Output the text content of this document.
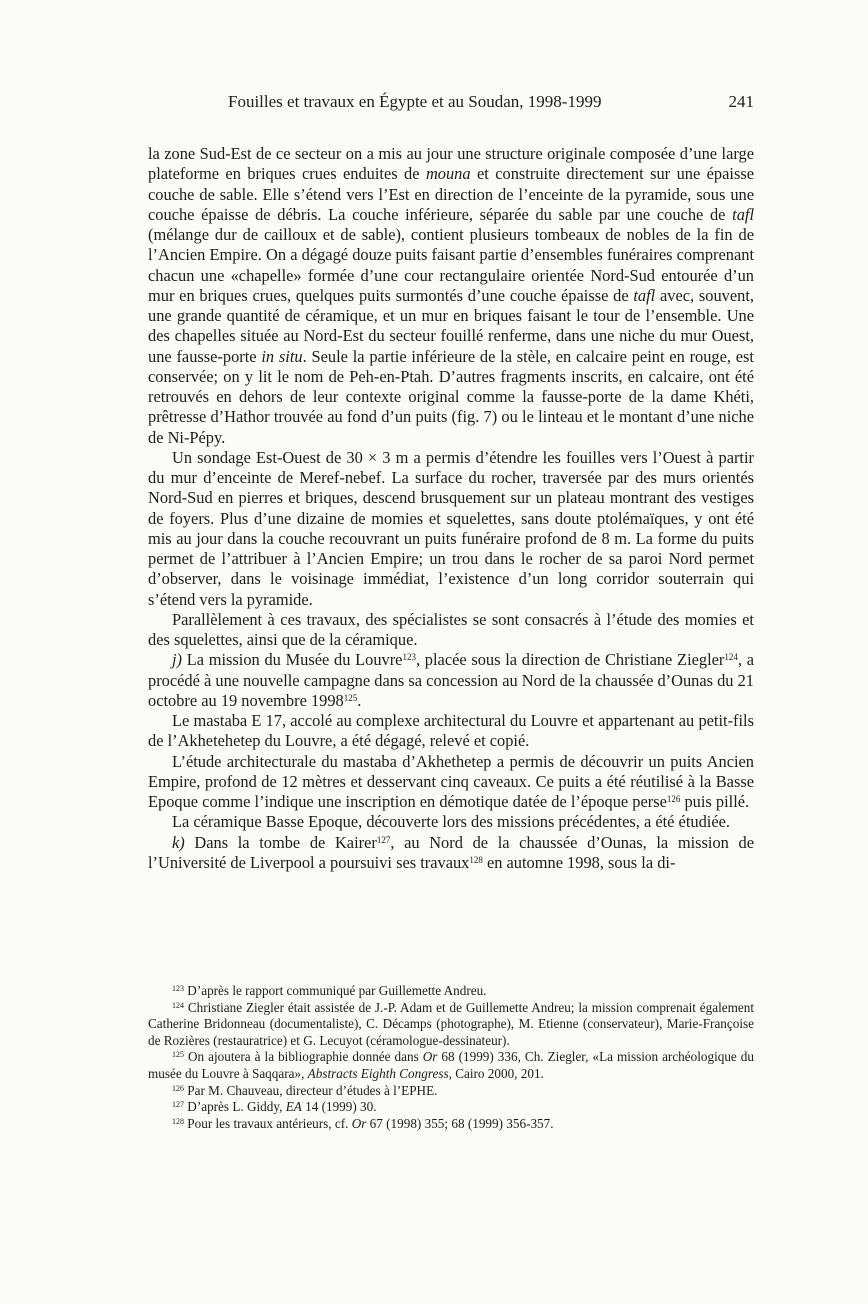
Fouilles et travaux en Égypte et au Soudan, 1998-1999	241

la zone Sud-Est de ce secteur on a mis au jour une structure originale composée d’une large plateforme en briques crues enduites de mouna et construite directement sur une épaisse couche de sable. Elle s’étend vers l’Est en direction de l’enceinte de la pyramide, sous une couche épaisse de débris. La couche inférieure, séparée du sable par une couche de tafl (mélange dur de cailloux et de sable), contient plusieurs tombeaux de nobles de la fin de l’Ancien Empire. On a dégagé douze puits faisant partie d’ensembles funéraires comprenant chacun une «chapelle» formée d’une cour rectangulaire orientée Nord-Sud entourée d’un mur en briques crues, quelques puits surmontés d’une couche épaisse de tafl avec, souvent, une grande quantité de céramique, et un mur en briques faisant le tour de l’ensemble. Une des chapelles située au Nord-Est du secteur fouillé renferme, dans une niche du mur Ouest, une fausse-porte in situ. Seule la partie inférieure de la stèle, en calcaire peint en rouge, est conservée; on y lit le nom de Peh-en-Ptah. D’autres fragments inscrits, en calcaire, ont été retrouvés en dehors de leur contexte original comme la fausse-porte de la dame Khéti, prêtresse d’Hathor trouvée au fond d’un puits (fig. 7) ou le linteau et le montant d’une niche de Ni-Pépy.

Un sondage Est-Ouest de 30 × 3 m a permis d’étendre les fouilles vers l’Ouest à partir du mur d’enceinte de Meref-nebef. La surface du rocher, traversée par des murs orientés Nord-Sud en pierres et briques, descend brusquement sur un plateau montrant des vestiges de foyers. Plus d’une dizaine de momies et squelettes, sans doute ptolémaïques, y ont été mis au jour dans la couche recouvrant un puits funéraire profond de 8 m. La forme du puits permet de l’attribuer à l’Ancien Empire; un trou dans le rocher de sa paroi Nord permet d’observer, dans le voisinage immédiat, l’existence d’un long corridor souterrain qui s’étend vers la pyramide.

Parallèlement à ces travaux, des spécialistes se sont consacrés à l’étude des momies et des squelettes, ainsi que de la céramique.

j) La mission du Musée du Louvre$^{123}$, placée sous la direction de Christiane Ziegler$^{124}$, a procédé à une nouvelle campagne dans sa concession au Nord de la chaussée d’Ounas du 21 octobre au 19 novembre 1998$^{125}$.

Le mastaba E 17, accolé au complexe architectural du Louvre et appartenant au petit-fils de l’Akhetehetep du Louvre, a été dégagé, relevé et copié.

L’étude architecturale du mastaba d’Akhethetep a permis de découvrir un puits Ancien Empire, profond de 12 mètres et desservant cinq caveaux. Ce puits a été réutilisé à la Basse Epoque comme l’indique une inscription en démotique datée de l’époque perse$^{126}$ puis pillé.

La céramique Basse Epoque, découverte lors des missions précédentes, a été étudiée.

k) Dans la tombe de Kairer$^{127}$, au Nord de la chaussée d’Ounas, la mission de l’Université de Liverpool a poursuivi ses travaux$^{128}$ en automne 1998, sous la di-

$^{123}$ D’après le rapport communiqué par Guillemette Andreu.

$^{124}$ Christiane Ziegler était assistée de J.-P. Adam et de Guillemette Andreu; la mission comprenait également Catherine Bridonneau (documentaliste), C. Décamps (photographe), M. Etienne (conservateur), Marie-Françoise de Rozières (restauratrice) et G. Lecuyot (céramologue-dessinateur).

$^{125}$ On ajoutera à la bibliographie donnée dans Or 68 (1999) 336, Ch. Ziegler, «La mission archéologique du musée du Louvre à Saqqara», Abstracts Eighth Congress, Cairo 2000, 201.

$^{126}$ Par M. Chauveau, directeur d’études à l’EPHE.

$^{127}$ D’après L. Giddy, EA 14 (1999) 30.

$^{128}$ Pour les travaux antérieurs, cf. Or 67 (1998) 355; 68 (1999) 356-357.
